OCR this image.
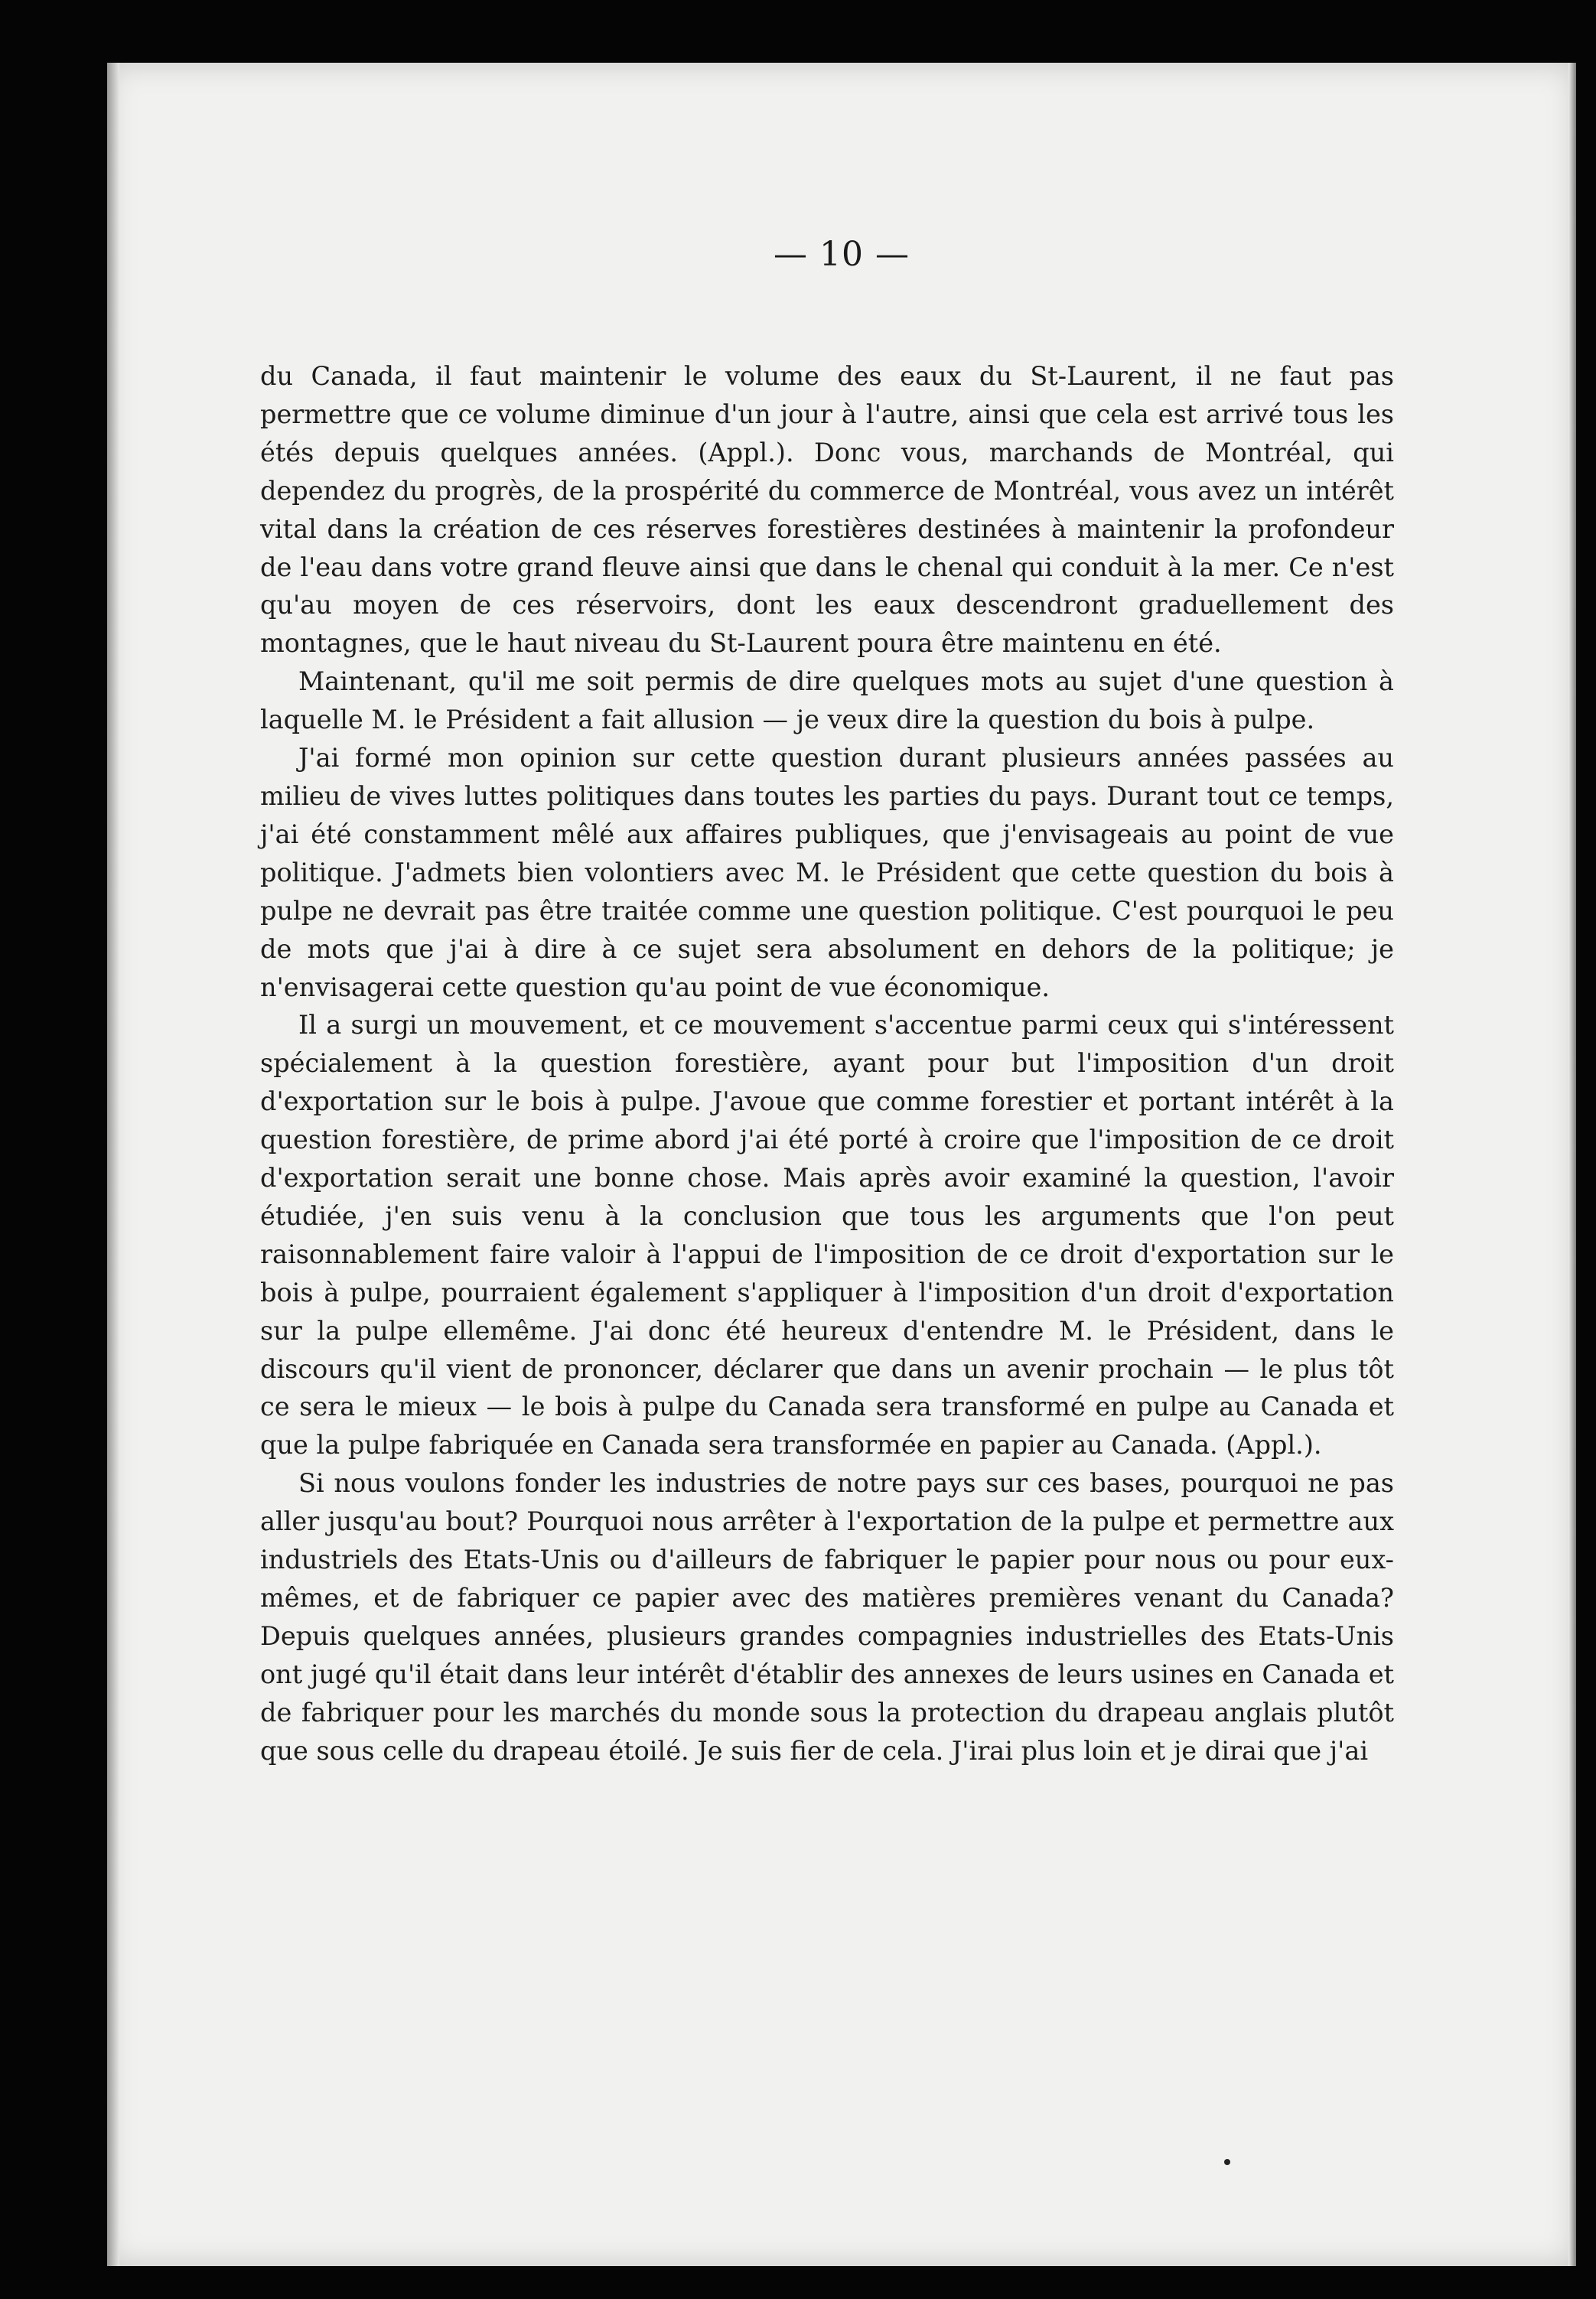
— 10 —

du Canada, il faut maintenir le volume des eaux du St-Laurent, il ne faut pas permettre que ce volume diminue d'un jour à l'autre, ainsi que cela est arrivé tous les étés depuis quelques années. (Appl.). Donc vous, marchands de Montréal, qui dependez du progrès, de la prospérité du commerce de Montréal, vous avez un intérêt vital dans la création de ces réserves forestières destinées à maintenir la profondeur de l'eau dans votre grand fleuve ainsi que dans le chenal qui conduit à la mer. Ce n'est qu'au moyen de ces réservoirs, dont les eaux descendront graduellement des montagnes, que le haut niveau du St-Laurent poura être maintenu en été.

Maintenant, qu'il me soit permis de dire quelques mots au sujet d'une question à laquelle M. le Président a fait allusion — je veux dire la question du bois à pulpe.

J'ai formé mon opinion sur cette question durant plusieurs années passées au milieu de vives luttes politiques dans toutes les parties du pays. Durant tout ce temps, j'ai été constamment mêlé aux affaires publiques, que j'envisageais au point de vue politique. J'admets bien volontiers avec M. le Président que cette question du bois à pulpe ne devrait pas être traitée comme une question politique. C'est pourquoi le peu de mots que j'ai à dire à ce sujet sera absolument en dehors de la politique; je n'envisagerai cette question qu'au point de vue économique.

Il a surgi un mouvement, et ce mouvement s'accentue parmi ceux qui s'intéressent spécialement à la question forestière, ayant pour but l'imposition d'un droit d'exportation sur le bois à pulpe. J'avoue que comme forestier et portant intérêt à la question forestière, de prime abord j'ai été porté à croire que l'imposition de ce droit d'exportation serait une bonne chose. Mais après avoir examiné la question, l'avoir étudiée, j'en suis venu à la conclusion que tous les arguments que l'on peut raisonnablement faire valoir à l'appui de l'imposition de ce droit d'exportation sur le bois à pulpe, pourraient également s'appliquer à l'imposition d'un droit d'exportation sur la pulpe ellemême. J'ai donc été heureux d'entendre M. le Président, dans le discours qu'il vient de prononcer, déclarer que dans un avenir prochain — le plus tôt ce sera le mieux — le bois à pulpe du Canada sera transformé en pulpe au Canada et que la pulpe fabriquée en Canada sera transformée en papier au Canada. (Appl.).

Si nous voulons fonder les industries de notre pays sur ces bases, pourquoi ne pas aller jusqu'au bout? Pourquoi nous arrêter à l'exportation de la pulpe et permettre aux industriels des Etats-Unis ou d'ailleurs de fabriquer le papier pour nous ou pour eux-mêmes, et de fabriquer ce papier avec des matières premières venant du Canada? Depuis quelques années, plusieurs grandes compagnies industrielles des Etats-Unis ont jugé qu'il était dans leur intérêt d'établir des annexes de leurs usines en Canada et de fabriquer pour les marchés du monde sous la protection du drapeau anglais plutôt que sous celle du drapeau étoilé. Je suis fier de cela. J'irai plus loin et je dirai que j'ai
